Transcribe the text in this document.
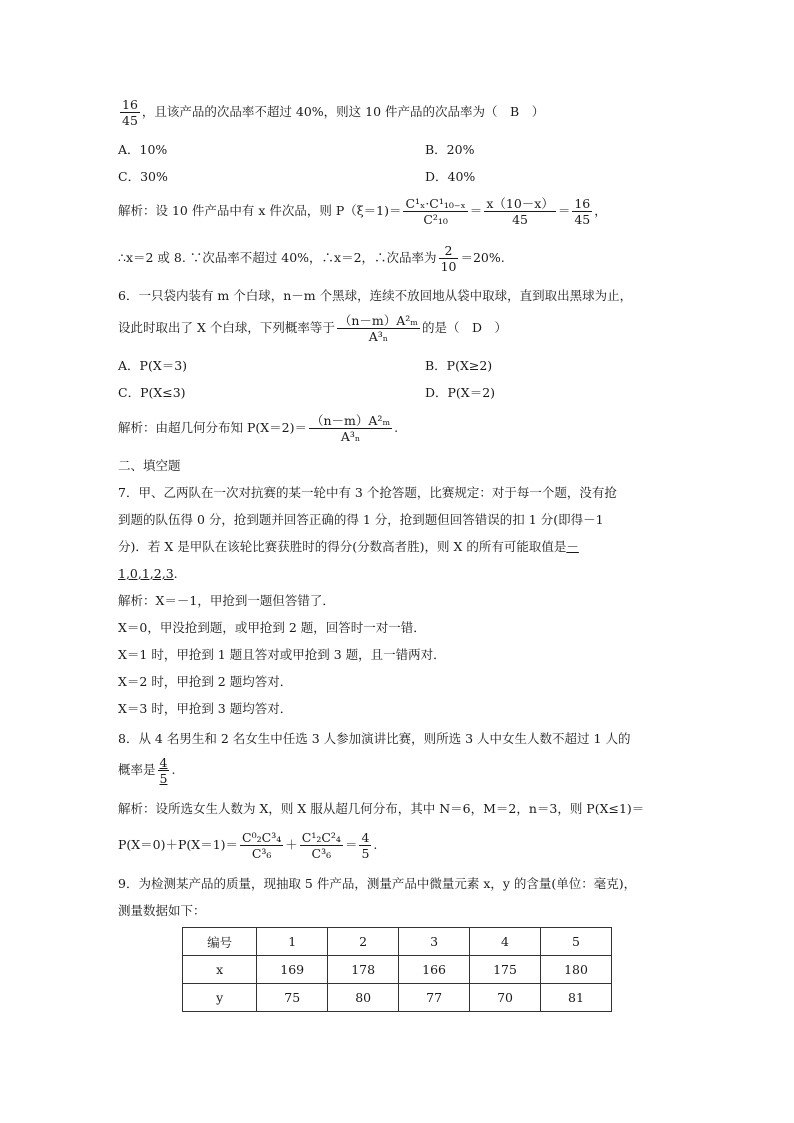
$\frac{16}{45}$ ，且该产品的次品率不超过 40%，则这 10 件产品的次品率为（　B　）
A．10%	B．20%
C．30%	D．40%
解析：设 10 件产品中有 x 件次品，则 $P(\xi=1)= \frac{\text{C¹ₓ·C¹₁₀₋ₓ}}{\text{C²₁₀}} = \frac{x(10-x)}{45} = \frac{16}{45}$ ，
∴x＝2 或 8. ∵次品率不超过 40%，∴x＝2，∴次品率为 $\frac{2}{10} =20\%$.
6．一只袋内装有 m 个白球，n－m 个黑球，连续不放回地从袋中取球，直到取出黑球为止，
设此时取出了 X 个白球，下列概率等于 $\frac{\text{（n－m）A²ₘ}}{\text{A³ₙ}}$ 的是（　D　）
A．P(X＝3)	B．P(X≥2)
C．P(X≤3)	D．P(X＝2)
解析：由超几何分布知 $P(X=2)= \frac{\text{（n－m）A²ₘ}}{\text{A³ₙ}}$ .
二、填空题
7．甲、乙两队在一次对抗赛的某一轮中有 3 个抢答题，比赛规定：对于每一个题，没有抢
到题的队伍得 0 分，抢到题并回答正确的得 1 分，抢到题但回答错误的扣 1 分(即得－1
分)．若 X 是甲队在该轮比赛获胜时的得分(分数高者胜)，则 X 的所有可能取值是－
1,0,1,2,3.
解析：X＝－1，甲抢到一题但答错了．
X＝0，甲没抢到题，或甲抢到 2 题，回答时一对一错．
X＝1 时，甲抢到 1 题且答对或甲抢到 3 题，且一错两对．
X＝2 时，甲抢到 2 题均答对．
X＝3 时，甲抢到 3 题均答对．
8．从 4 名男生和 2 名女生中任选 3 人参加演讲比赛，则所选 3 人中女生人数不超过 1 人的
概率是 $\frac{4}{5}$ .
解析：设所选女生人数为 X，则 X 服从超几何分布，其中 N＝6，M＝2，n＝3，则 P(X≤1)＝
$P(X=0)+P(X=1)= \frac{\text{C⁰₂C³₄}}{\text{C³₆}} + \frac{\text{C¹₂C²₄}}{\text{C³₆}} = \frac{4}{5}$ .
9．为检测某产品的质量，现抽取 5 件产品，测量产品中微量元素 x，y 的含量(单位：毫克)，
测量数据如下：
编号	1	2	3	4	5
x	169	178	166	175	180
y	75	80	77	70	81
